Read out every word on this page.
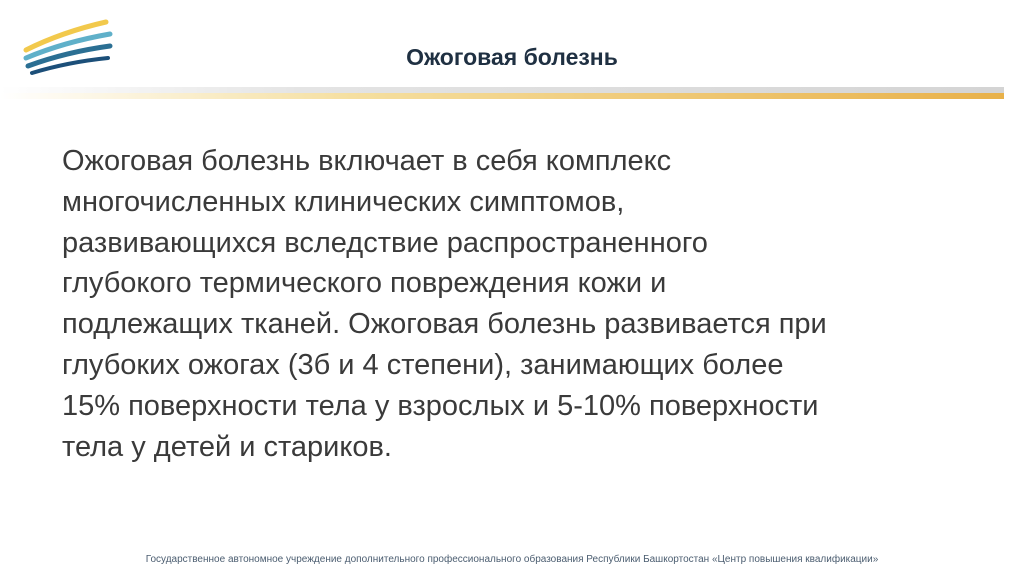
Ожоговая болезнь
Ожоговая болезнь включает в себя комплекс
многочисленных клинических симптомов,
развивающихся вследствие распространенного
глубокого термического повреждения кожи и
подлежащих тканей. Ожоговая болезнь развивается при
глубоких ожогах (3б и 4 степени), занимающих более
15% поверхности тела у взрослых и 5-10% поверхности
тела у детей и стариков.
Государственное автономное учреждение дополнительного профессионального образования Республики Башкортостан «Центр повышения квалификации»
